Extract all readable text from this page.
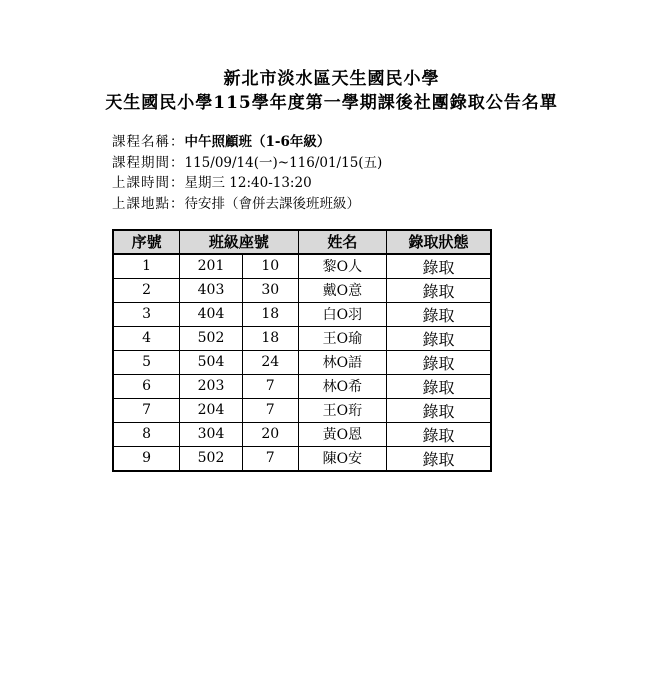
新北市淡水區天生國民小學
天生國民小學115學年度第一學期課後社團錄取公告名單
課程名稱：中午照顧班（1-6年級）
課程期間：115/09/14(一)~116/01/15(五)
上課時間：星期三 12:40-13:20
上課地點：待安排（會併去課後班班級）
序號	班級座號		姓名	錄取狀態
1	201	10	黎O人	錄取
2	403	30	戴O意	錄取
3	404	18	白O羽	錄取
4	502	18	王O瑜	錄取
5	504	24	林O語	錄取
6	203	7	林O希	錄取
7	204	7	王O珩	錄取
8	304	20	黃O恩	錄取
9	502	7	陳O安	錄取
